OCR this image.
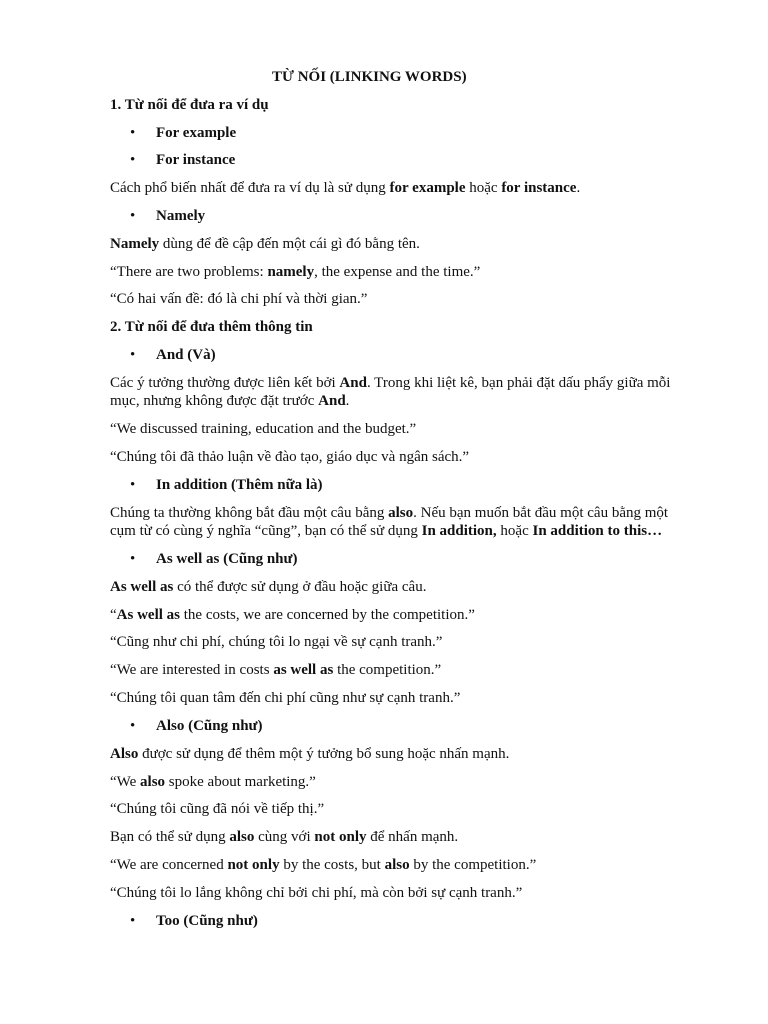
TỪ NỐI (LINKING WORDS)
1. Từ nối để đưa ra ví dụ
• For example
• For instance
Cách phổ biến nhất để đưa ra ví dụ là sử dụng for example hoặc for instance.
• Namely
Namely dùng để đề cập đến một cái gì đó bằng tên.
“There are two problems: namely, the expense and the time.”
“Có hai vấn đề: đó là chi phí và thời gian.”
2. Từ nối để đưa thêm thông tin
• And (Và)
Các ý tưởng thường được liên kết bởi And. Trong khi liệt kê, bạn phải đặt dấu phẩy giữa mỗi mục, nhưng không được đặt trước And.
“We discussed training, education and the budget.”
“Chúng tôi đã thảo luận về đào tạo, giáo dục và ngân sách.”
• In addition (Thêm nữa là)
Chúng ta thường không bắt đầu một câu bằng also. Nếu bạn muốn bắt đầu một câu bằng một cụm từ có cùng ý nghĩa “cũng”, bạn có thể sử dụng In addition, hoặc In addition to this…
• As well as (Cũng như)
As well as có thể được sử dụng ở đầu hoặc giữa câu.
“As well as the costs, we are concerned by the competition.”
“Cũng như chi phí, chúng tôi lo ngại về sự cạnh tranh.”
“We are interested in costs as well as the competition.”
“Chúng tôi quan tâm đến chi phí cũng như sự cạnh tranh.”
• Also (Cũng như)
Also được sử dụng để thêm một ý tưởng bổ sung hoặc nhấn mạnh.
“We also spoke about marketing.”
“Chúng tôi cũng đã nói về tiếp thị.”
Bạn có thể sử dụng also cùng với not only để nhấn mạnh.
“We are concerned not only by the costs, but also by the competition.”
“Chúng tôi lo lắng không chỉ bởi chi phí, mà còn bởi sự cạnh tranh.”
• Too (Cũng như)
